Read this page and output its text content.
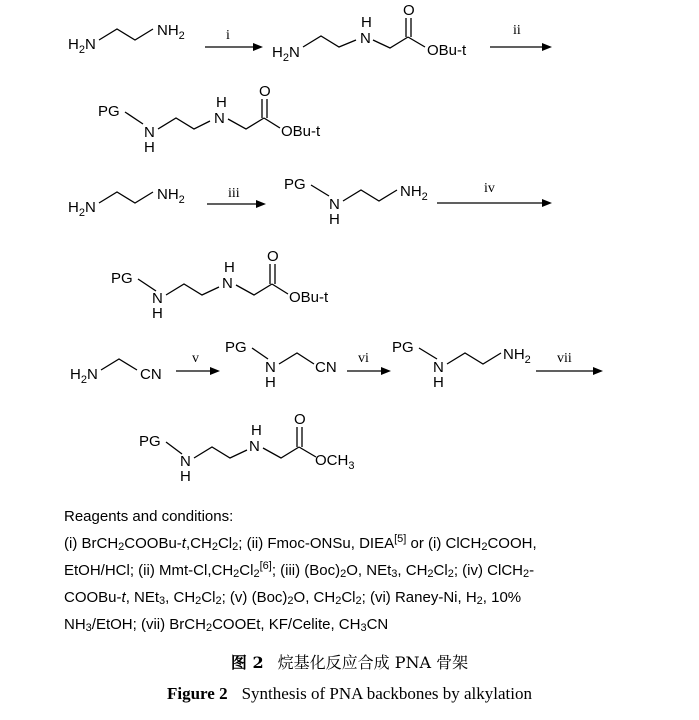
$H_2N$
$NH_2$	i
$H_2N$
H
N
O
OBu-t
ii
PG
N
H
H
N
O
OBu-t
$H_2N$
$NH_2$	iii
PG
N
H
$NH_2$
iv
PG
N
H
H
N
O
OBu-t
$H_2N$	CN
v
PG
N
H
CN
vi
PG
N
H
$NH_2$ vii
PG
N
H
H
N
O
$OCH_3$
Reagents and conditions:
(i) $BrCH_2COOBu-t,CH_2Cl_2$; (ii) Fmoc-ONSu, DIEA[5] or (i) ClCH$_2$COOH,
EtOH/HCl; (ii) Mmt-$Cl,CH_2Cl_2[6]$; (iii) $(Boc)_2O$, NEt$_3$, $CH_2Cl_2$; (iv) ClCH$_2$-
COOBu-t, NEt$_3$, $CH_2Cl_2$; (v) $(Boc)_2O$, $CH_2Cl_2$; (vi) Raney-Ni, $H_2$, 10%
$NH_3$/EtOH; (vii) BrCH$_2$COOEt, KF/Celite, $CH_3CN$
图 2 烷基化反应合成 PNA 骨架
Figure 2 Synthesis of PNA backbones by alkylation
